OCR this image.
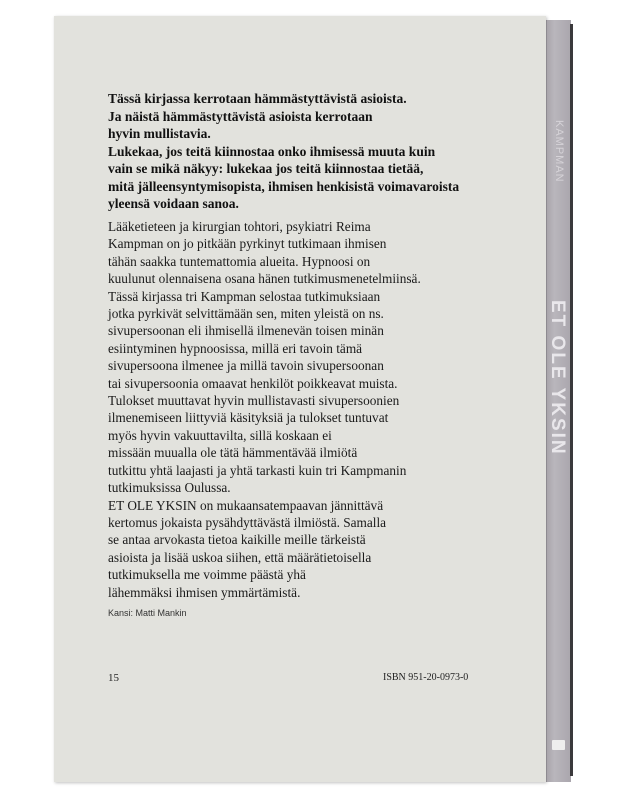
KAMPMAN
ET OLE YKSIN
Tässä kirjassa kerrotaan hämmästyttävistä asioista.
Ja näistä hämmästyttävistä asioista kerrotaan
hyvin mullistavia.
Lukekaa, jos teitä kiinnostaa onko ihmisessä muuta kuin
vain se mikä näkyy: lukekaa jos teitä kiinnostaa tietää,
mitä jälleensyntymisopista, ihmisen henkisistä voimavaroista
yleensä voidaan sanoa.
Lääketieteen ja kirurgian tohtori, psykiatri Reima
Kampman on jo pitkään pyrkinyt tutkimaan ihmisen
tähän saakka tuntemattomia alueita. Hypnoosi on
kuulunut olennaisena osana hänen tutkimusmenetelmiinsä.
Tässä kirjassa tri Kampman selostaa tutkimuksiaan
jotka pyrkivät selvittämään sen, miten yleistä on ns.
sivupersoonan eli ihmisellä ilmenevän toisen minän
esiintyminen hypnoosissa, millä eri tavoin tämä
sivupersoona ilmenee ja millä tavoin sivupersoonan
tai sivupersoonia omaavat henkilöt poikkeavat muista.
Tulokset muuttavat hyvin mullistavasti sivupersoonien
ilmenemiseen liittyviä käsityksiä ja tulokset tuntuvat
myös hyvin vakuuttavilta, sillä koskaan ei
missään muualla ole tätä hämmentävää ilmiötä
tutkittu yhtä laajasti ja yhtä tarkasti kuin tri Kampmanin
tutkimuksissa Oulussa.
ET OLE YKSIN on mukaansatempaavan jännittävä
kertomus jokaista pysähdyttävästä ilmiöstä. Samalla
se antaa arvokasta tietoa kaikille meille tärkeistä
asioista ja lisää uskoa siihen, että määrätietoisella
tutkimuksella me voimme päästä yhä
lähemmäksi ihmisen ymmärtämistä.
Kansi: Matti Mankin
15	ISBN 951-20-0973-0
